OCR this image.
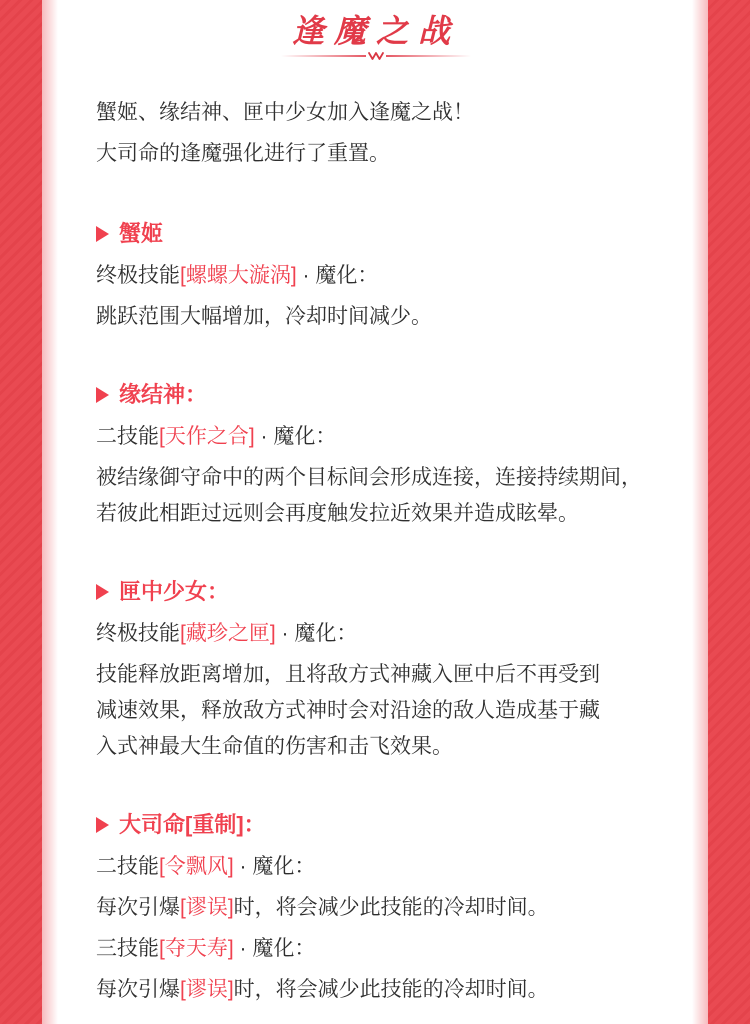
逢魔之战

蟹姬、缘结神、匣中少女加入逢魔之战！

大司命的逢魔强化进行了重置。

蟹姬

终极技能[螺螺大漩涡] · 魔化：

跳跃范围大幅增加，冷却时间减少。

缘结神：

二技能[天作之合] · 魔化：

被结缘御守命中的两个目标间会形成连接，连接持续期间，

若彼此相距过远则会再度触发拉近效果并造成眩晕。

匣中少女：

终极技能[藏珍之匣] · 魔化：

技能释放距离增加，且将敌方式神藏入匣中后不再受到

减速效果，释放敌方式神时会对沿途的敌人造成基于藏

入式神最大生命值的伤害和击飞效果。

大司命[重制]：

二技能[令飘风] · 魔化：

每次引爆[谬误]时，将会减少此技能的冷却时间。

三技能[夺天寿] · 魔化：

每次引爆[谬误]时，将会减少此技能的冷却时间。
